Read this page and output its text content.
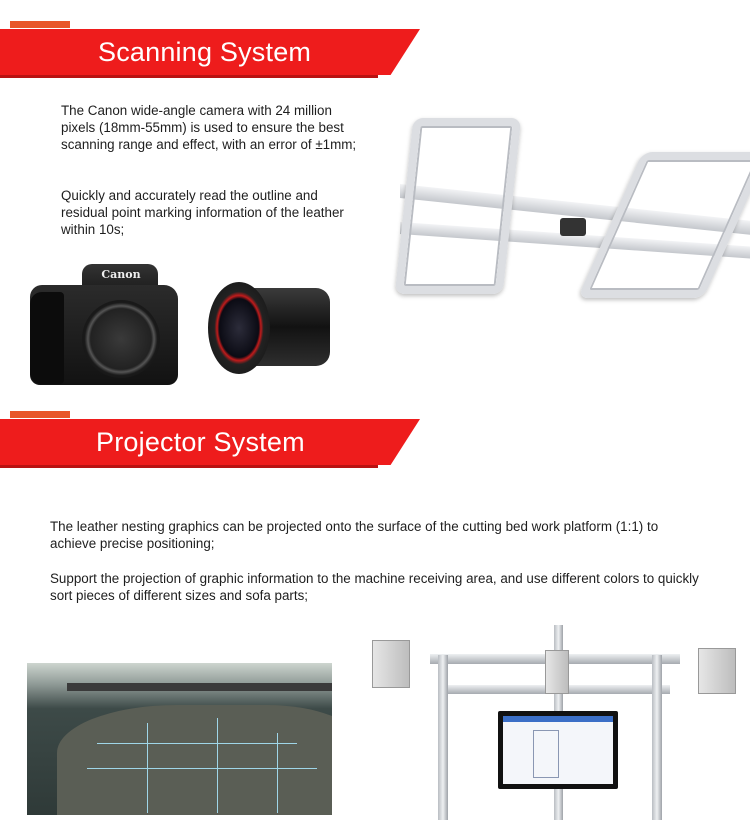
Scanning System
The Canon wide-angle camera with 24 million pixels (18mm-55mm) is used to ensure the best scanning range and effect, with an error of ±1mm;
Quickly and accurately read the outline and residual point marking information of the leather within 10s;
Canon
Projector System
The leather nesting graphics can be projected onto the surface of the cutting bed work platform (1:1) to achieve precise positioning;
Support the projection of graphic information to the machine receiving area, and use different colors to quickly sort pieces of different sizes and sofa parts;
